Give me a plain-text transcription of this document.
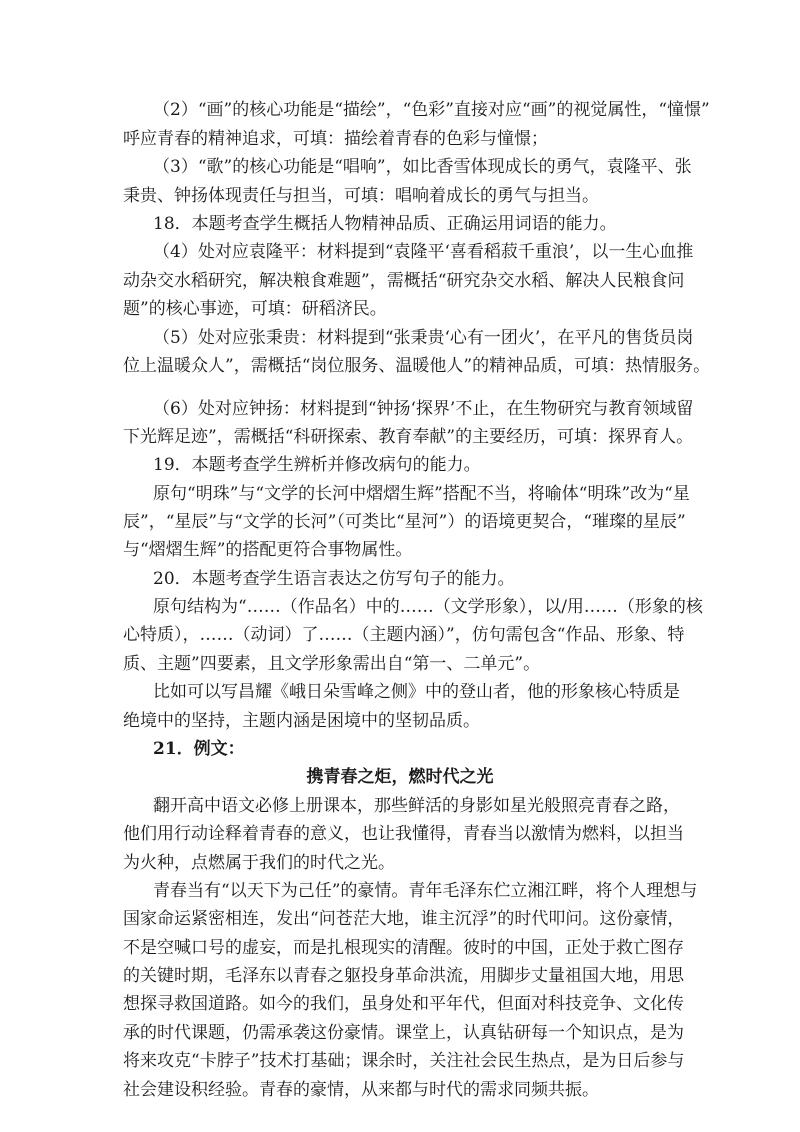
（2）“画”的核心功能是“描绘”，“色彩”直接对应“画”的视觉属性，“憧憬”
呼应青春的精神追求，可填：描绘着青春的色彩与憧憬；
（3）“歌”的核心功能是“唱响”，如比香雪体现成长的勇气，袁隆平、张
秉贵、钟扬体现责任与担当，可填：唱响着成长的勇气与担当。
18．本题考查学生概括人物精神品质、正确运用词语的能力。
（4）处对应袁隆平：材料提到“袁隆平‘喜看稻菽千重浪’，以一生心血推
动杂交水稻研究，解决粮食难题”，需概括“研究杂交水稻、解决人民粮食问
题”的核心事迹，可填：研稻济民。
（5）处对应张秉贵：材料提到“张秉贵‘心有一团火’，在平凡的售货员岗
位上温暖众人”，需概括“岗位服务、温暖他人”的精神品质，可填：热情服务。
（6）处对应钟扬：材料提到“钟扬‘探界’不止，在生物研究与教育领域留
下光辉足迹”，需概括“科研探索、教育奉献”的主要经历，可填：探界育人。
19．本题考查学生辨析并修改病句的能力。
原句“明珠”与“文学的长河中熠熠生辉”搭配不当，将喻体“明珠”改为“星
辰”，“星辰”与“文学的长河”（可类比“星河”）的语境更契合，“璀璨的星辰”
与“熠熠生辉”的搭配更符合事物属性。
20．本题考查学生语言表达之仿写句子的能力。
原句结构为“……（作品名）中的……（文学形象），以/用……（形象的核
心特质），……（动词）了……（主题内涵）”，仿句需包含“作品、形象、特
质、主题”四要素，且文学形象需出自“第一、二单元”。
比如可以写昌耀《峨日朵雪峰之侧》中的登山者，他的形象核心特质是
绝境中的坚持，主题内涵是困境中的坚韧品质。
21．例文：
携青春之炬，燃时代之光
翻开高中语文必修上册课本，那些鲜活的身影如星光般照亮青春之路，
他们用行动诠释着青春的意义，也让我懂得，青春当以激情为燃料，以担当
为火种，点燃属于我们的时代之光。
青春当有“以天下为己任”的豪情。青年毛泽东伫立湘江畔，将个人理想与
国家命运紧密相连，发出“问苍茫大地，谁主沉浮”的时代叩问。这份豪情，
不是空喊口号的虚妄，而是扎根现实的清醒。彼时的中国，正处于救亡图存
的关键时期，毛泽东以青春之躯投身革命洪流，用脚步丈量祖国大地，用思
想探寻救国道路。如今的我们，虽身处和平年代，但面对科技竞争、文化传
承的时代课题，仍需承袭这份豪情。课堂上，认真钻研每一个知识点，是为
将来攻克“卡脖子”技术打基础；课余时，关注社会民生热点，是为日后参与
社会建设积经验。青春的豪情，从来都与时代的需求同频共振。
